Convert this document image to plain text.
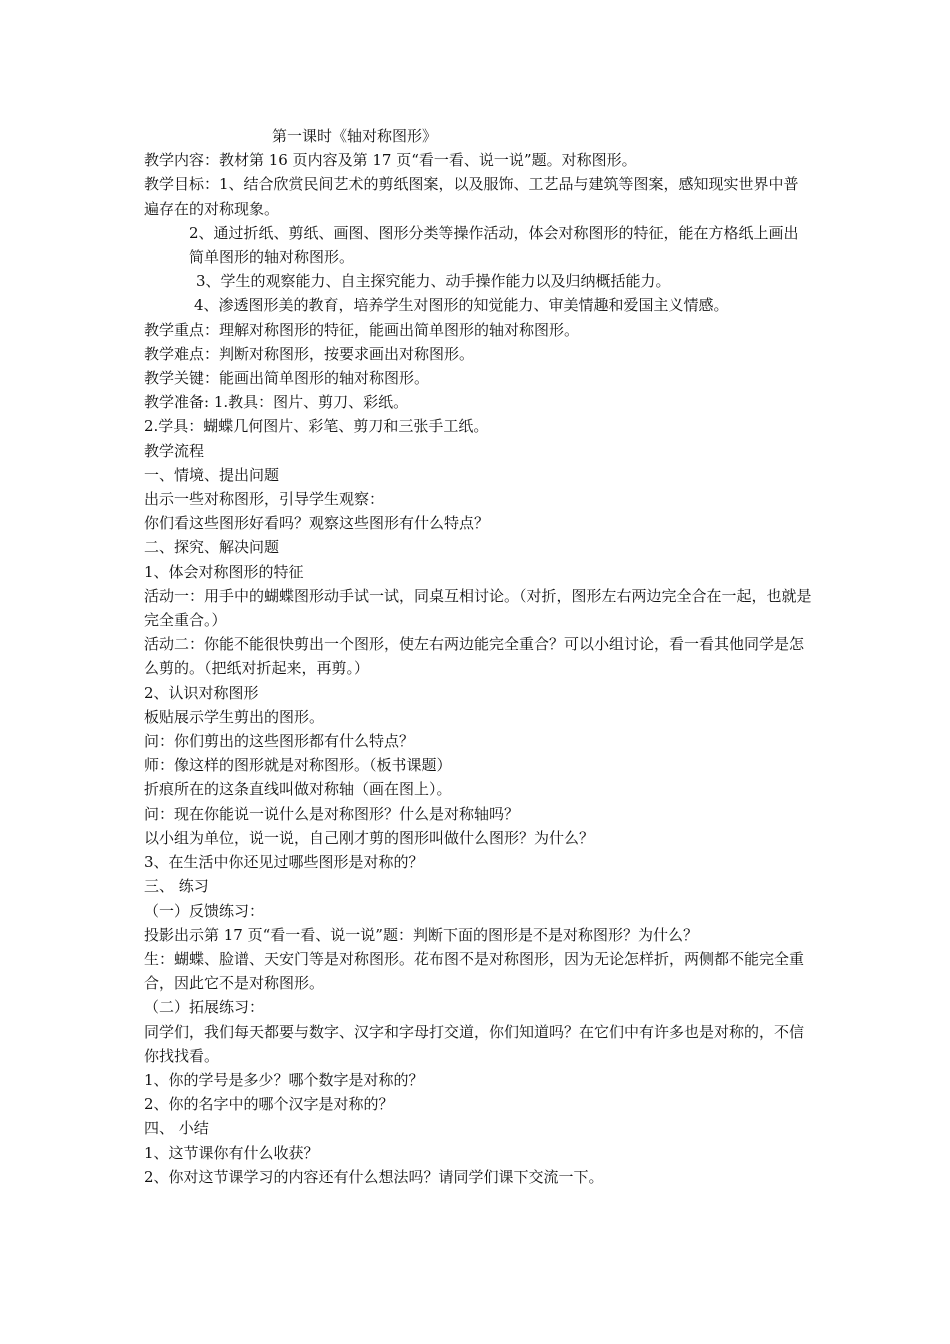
第一课时《轴对称图形》

教学内容：教材第 16 页内容及第 17 页“看一看、说一说”题。对称图形。

教学目标：1、结合欣赏民间艺术的剪纸图案，以及服饰、工艺品与建筑等图案，感知现实世界中普遍存在的对称现象。

2、通过折纸、剪纸、画图、图形分类等操作活动，体会对称图形的特征，能在方格纸上画出简单图形的轴对称图形。

3、学生的观察能力、自主探究能力、动手操作能力以及归纳概括能力。

4、渗透图形美的教育，培养学生对图形的知觉能力、审美情趣和爱国主义情感。

教学重点：理解对称图形的特征，能画出简单图形的轴对称图形。

教学难点：判断对称图形，按要求画出对称图形。

教学关键：能画出简单图形的轴对称图形。

教学准备: 1.教具：图片、剪刀、彩纸。

2.学具：蝴蝶几何图片、彩笔、剪刀和三张手工纸。

教学流程

一、情境、提出问题

出示一些对称图形，引导学生观察：

你们看这些图形好看吗？观察这些图形有什么特点？

二、探究、解决问题

1、体会对称图形的特征

活动一：用手中的蝴蝶图形动手试一试，同桌互相讨论。（对折，图形左右两边完全合在一起，也就是完全重合。）

活动二：你能不能很快剪出一个图形，使左右两边能完全重合？可以小组讨论，看一看其他同学是怎么剪的。（把纸对折起来，再剪。）

2、认识对称图形

板贴展示学生剪出的图形。

问：你们剪出的这些图形都有什么特点？

师：像这样的图形就是对称图形。（板书课题）

折痕所在的这条直线叫做对称轴（画在图上）。

问：现在你能说一说什么是对称图形？什么是对称轴吗？

以小组为单位，说一说，自己刚才剪的图形叫做什么图形？为什么？

3、在生活中你还见过哪些图形是对称的？

三、 练习

（一）反馈练习：

投影出示第 17 页“看一看、说一说”题：判断下面的图形是不是对称图形？为什么？

生：蝴蝶、脸谱、天安门等是对称图形。花布图不是对称图形，因为无论怎样折，两侧都不能完全重合，因此它不是对称图形。

（二）拓展练习：

同学们，我们每天都要与数字、汉字和字母打交道，你们知道吗？在它们中有许多也是对称的，不信你找找看。

1、你的学号是多少？哪个数字是对称的？

2、你的名字中的哪个汉字是对称的？

四、 小结

1、这节课你有什么收获？

2、你对这节课学习的内容还有什么想法吗？请同学们课下交流一下。
